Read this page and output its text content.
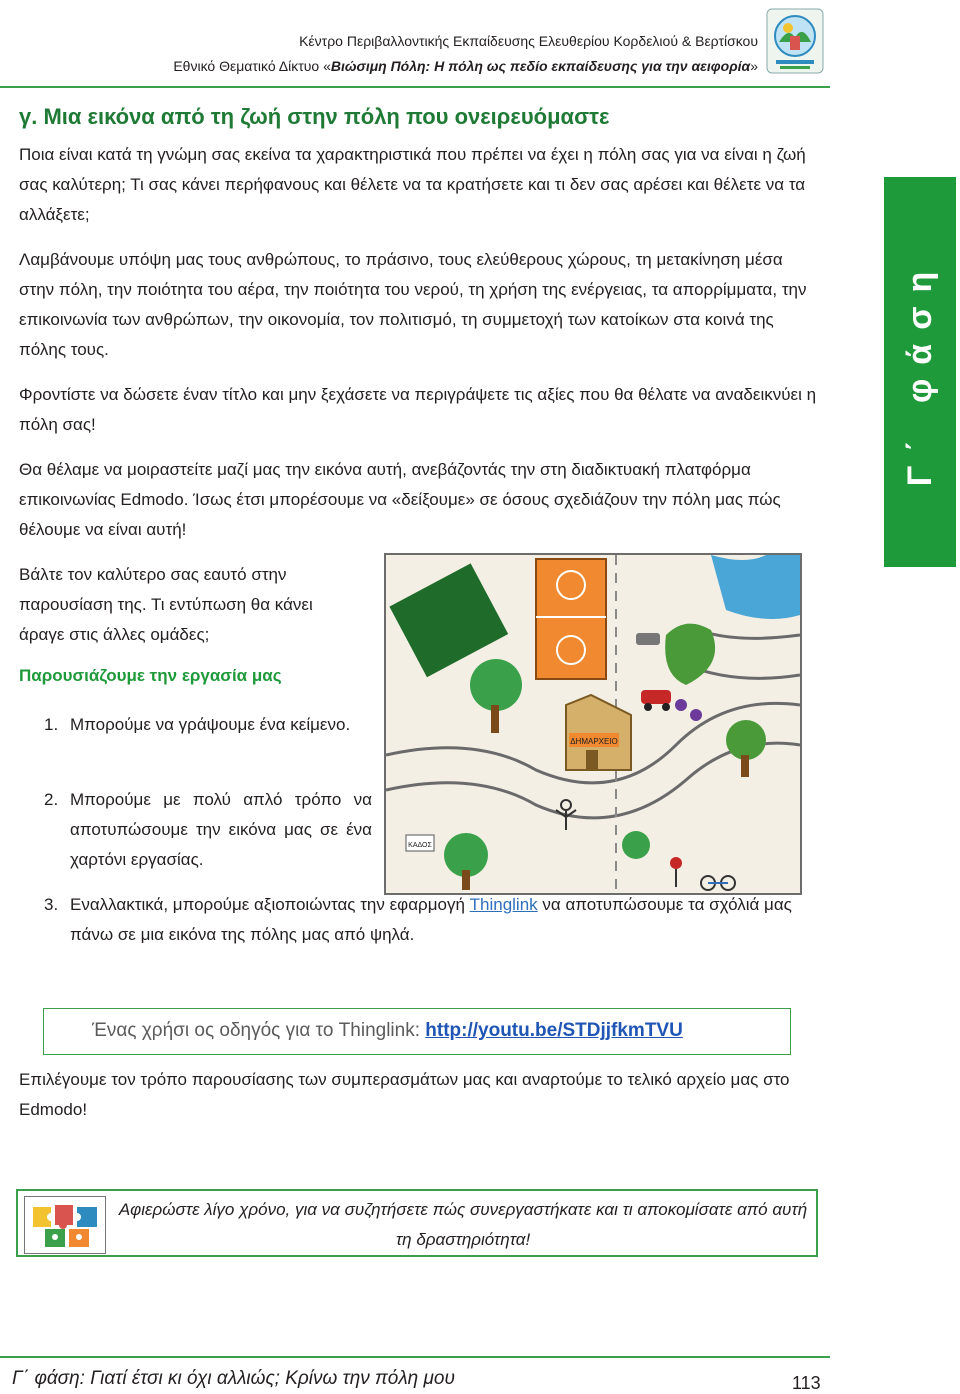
Κέντρο Περιβαλλοντικής Εκπαίδευσης Ελευθερίου Κορδελιού & Βερτίσκου
Εθνικό Θεματικό Δίκτυο «Βιώσιμη Πόλη: Η πόλη ως πεδίο εκπαίδευσης για την αειφορία»
γ. Μια εικόνα από τη ζωή στην πόλη που ονειρευόμαστε
Ποια είναι κατά τη γνώμη σας εκείνα τα χαρακτηριστικά που πρέπει να έχει η πόλη σας για να είναι η ζωή σας καλύτερη; Τι σας κάνει περήφανους και θέλετε να τα κρατήσετε και τι δεν σας αρέσει και θέλετε να τα αλλάξετε;
Λαμβάνουμε υπόψη μας τους ανθρώπους, το πράσινο, τους ελεύθερους χώρους, τη μετακίνηση μέσα στην πόλη, την ποιότητα του αέρα, την ποιότητα του νερού, τη χρήση της ενέργειας, τα απορρίμματα, την επικοινωνία των ανθρώπων, την οικονομία, τον πολιτισμό, τη συμμετοχή των κατοίκων στα κοινά της πόλης τους.
Φροντίστε να δώσετε έναν τίτλο και μην ξεχάσετε να περιγράψετε τις αξίες που θα θέλατε να αναδεικνύει η πόλη σας!
Θα θέλαμε να μοιραστείτε μαζί μας την εικόνα αυτή, ανεβάζοντάς την στη διαδικτυακή πλατφόρμα επικοινωνίας Edmodo. Ίσως έτσι μπορέσουμε να «δείξουμε» σε όσους σχεδιάζουν την πόλη μας πώς θέλουμε να είναι αυτή!
Βάλτε τον καλύτερο σας εαυτό στην παρουσίαση της. Τι εντύπωση θα κάνει άραγε στις άλλες ομάδες;
Παρουσιάζουμε την εργασία μας
1. Μπορούμε να γράψουμε ένα κείμενο.
2. Μπορούμε με πολύ απλό τρόπο να αποτυπώσουμε την εικόνα μας σε ένα χαρτόνι εργασίας.
3. Εναλλακτικά, μπορούμε αξιοποιώντας την εφαρμογή Thinglink να αποτυπώσουμε τα σχόλιά μας πάνω σε μια εικόνα της πόλης μας από ψηλά.
ΔΗΜΑΡΧΕΙΟ
ΚΑΔΟΣ
Ένας χρήσι ος οδηγός για το Thinglink: http://youtu.be/STDjjfkmTVU
Επιλέγουμε τον τρόπο παρουσίασης των συμπερασμάτων μας και αναρτούμε το τελικό αρχείο μας στο Edmodo!
Αφιερώστε λίγο χρόνο, για να συζητήσετε πώς συνεργαστήκατε και τι αποκομίσατε από αυτή τη δραστηριότητα!
Γ΄ φάση
Γ΄ φάση: Γιατί έτσι κι όχι αλλιώς; Κρίνω την πόλη μου	113
